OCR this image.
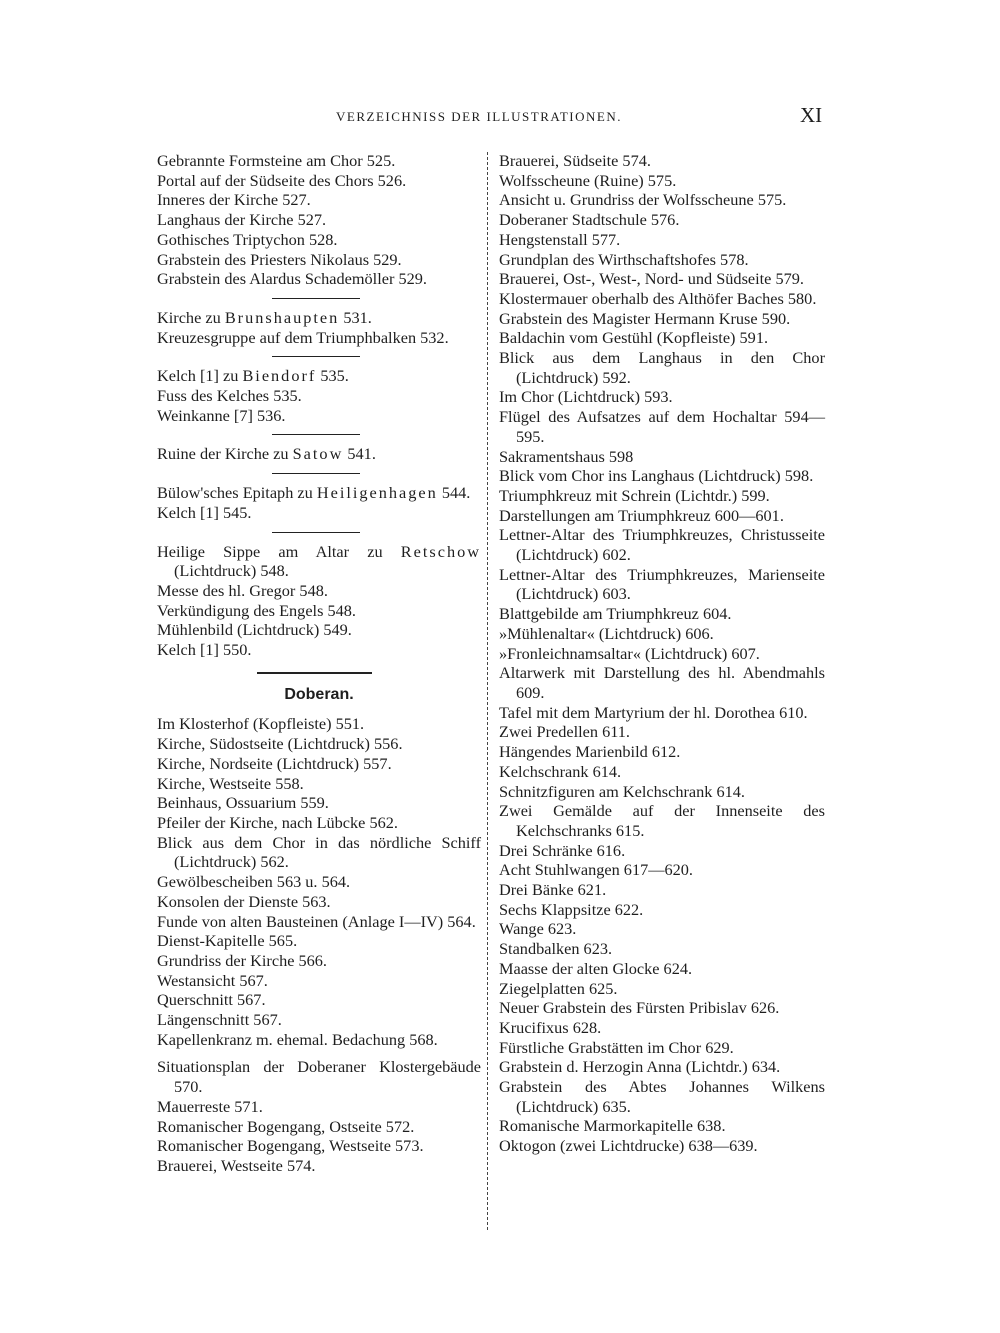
VERZEICHNISS DER ILLUSTRATIONEN.	XI
Gebrannte Formsteine am Chor 525.
Portal auf der Südseite des Chors 526.
Inneres der Kirche 527.
Langhaus der Kirche 527.
Gothisches Triptychon 528.
Grabstein des Priesters Nikolaus 529.
Grabstein des Alardus Schademöller 529.
Kirche zu Brunshaupten 531.
Kreuzesgruppe auf dem Triumphbalken 532.
Kelch [1] zu Biendorf 535.
Fuss des Kelches 535.
Weinkanne [7] 536.
Ruine der Kirche zu Satow 541.
Bülow'sches Epitaph zu Heiligenhagen 544.
Kelch [1] 545.
Heilige Sippe am Altar zu Retschow (Lichtdruck) 548.
Messe des hl. Gregor 548.
Verkündigung des Engels 548.
Mühlenbild (Lichtdruck) 549.
Kelch [1] 550.
Doberan.
Im Klosterhof (Kopfleiste) 551.
Kirche, Südostseite (Lichtdruck) 556.
Kirche, Nordseite (Lichtdruck) 557.
Kirche, Westseite 558.
Beinhaus, Ossuarium 559.
Pfeiler der Kirche, nach Lübcke 562.
Blick aus dem Chor in das nördliche Schiff (Lichtdruck) 562.
Gewölbescheiben 563 u. 564.
Konsolen der Dienste 563.
Funde von alten Bausteinen (Anlage I—IV) 564.
Dienst-Kapitelle 565.
Grundriss der Kirche 566.
Westansicht 567.
Querschnitt 567.
Längenschnitt 567.
Kapellenkranz m. ehemal. Bedachung 568.
Situationsplan der Doberaner Klostergebäude 570.
Mauerreste 571.
Romanischer Bogengang, Ostseite 572.
Romanischer Bogengang, Westseite 573.
Brauerei, Westseite 574.
Brauerei, Südseite 574.
Wolfsscheune (Ruine) 575.
Ansicht u. Grundriss der Wolfsscheune 575.
Doberaner Stadtschule 576.
Hengstenstall 577.
Grundplan des Wirthschaftshofes 578.
Brauerei, Ost-, West-, Nord- und Südseite 579.
Klostermauer oberhalb des Althöfer Baches 580.
Grabstein des Magister Hermann Kruse 590.
Baldachin vom Gestühl (Kopfleiste) 591.
Blick aus dem Langhaus in den Chor (Lichtdruck) 592.
Im Chor (Lichtdruck) 593.
Flügel des Aufsatzes auf dem Hochaltar 594—595.
Sakramentshaus 598
Blick vom Chor ins Langhaus (Lichtdruck) 598.
Triumphkreuz mit Schrein (Lichtdr.) 599.
Darstellungen am Triumphkreuz 600—601.
Lettner-Altar des Triumphkreuzes, Christusseite (Lichtdruck) 602.
Lettner-Altar des Triumphkreuzes, Marienseite (Lichtdruck) 603.
Blattgebilde am Triumphkreuz 604.
»Mühlenaltar« (Lichtdruck) 606.
»Fronleichnamsaltar« (Lichtdruck) 607.
Altarwerk mit Darstellung des hl. Abendmahls 609.
Tafel mit dem Martyrium der hl. Dorothea 610.
Zwei Predellen 611.
Hängendes Marienbild 612.
Kelchschrank 614.
Schnitzfiguren am Kelchschrank 614.
Zwei Gemälde auf der Innenseite des Kelchschranks 615.
Drei Schränke 616.
Acht Stuhlwangen 617—620.
Drei Bänke 621.
Sechs Klappsitze 622.
Wange 623.
Standbalken 623.
Maasse der alten Glocke 624.
Ziegelplatten 625.
Neuer Grabstein des Fürsten Pribislav 626.
Krucifixus 628.
Fürstliche Grabstätten im Chor 629.
Grabstein d. Herzogin Anna (Lichtdr.) 634.
Grabstein des Abtes Johannes Wilkens (Lichtdruck) 635.
Romanische Marmorkapitelle 638.
Oktogon (zwei Lichtdrucke) 638—639.
